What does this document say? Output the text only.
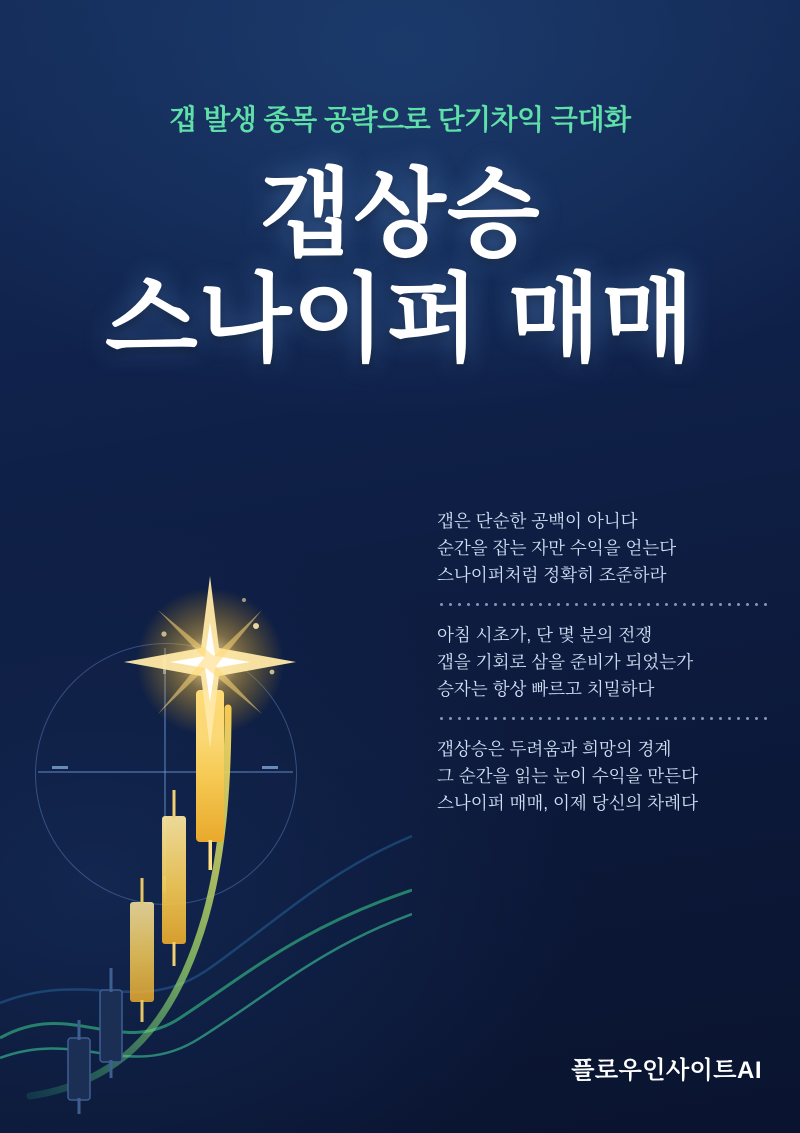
갭 발생 종목 공략으로 단기차익 극대화
갭상승
스나이퍼 매매
갭은 단순한 공백이 아니다
순간을 잡는 자만 수익을 얻는다
스나이퍼처럼 정확히 조준하라
아침 시초가, 단 몇 분의 전쟁
갭을 기회로 삼을 준비가 되었는가
승자는 항상 빠르고 치밀하다
갭상승은 두려움과 희망의 경계
그 순간을 읽는 눈이 수익을 만든다
스나이퍼 매매, 이제 당신의 차례다
플로우인사이트AI
